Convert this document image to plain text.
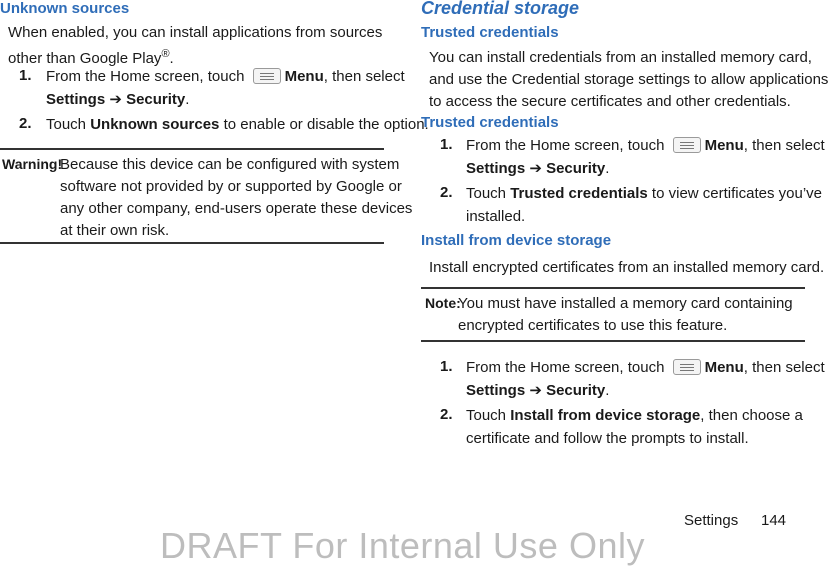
Unknown sources
When enabled, you can install applications from sources
other than Google Play®.
1. From the Home screen, touch	Menu, then select
Settings ➔ Security.
2. Touch Unknown sources to enable or disable the option.
Warning!
Because this device can be configured with system
software not provided by or supported by Google or
any other company, end-users operate these devices
at their own risk.
Credential storage
Trusted credentials
You can install credentials from an installed memory card,
and use the Credential storage settings to allow applications
to access the secure certificates and other credentials.
Trusted credentials
1. From the Home screen, touch	Menu, then select
Settings ➔ Security.
2. Touch Trusted credentials to view certificates you’ve
installed.
Install from device storage
Install encrypted certificates from an installed memory card.
Note:
You must have installed a memory card containing
encrypted certificates to use this feature.
1. From the Home screen, touch	Menu, then select
Settings ➔ Security.
2. Touch Install from device storage, then choose a
certificate and follow the prompts to install.
Settings 144
DRAFT For Internal Use Only
